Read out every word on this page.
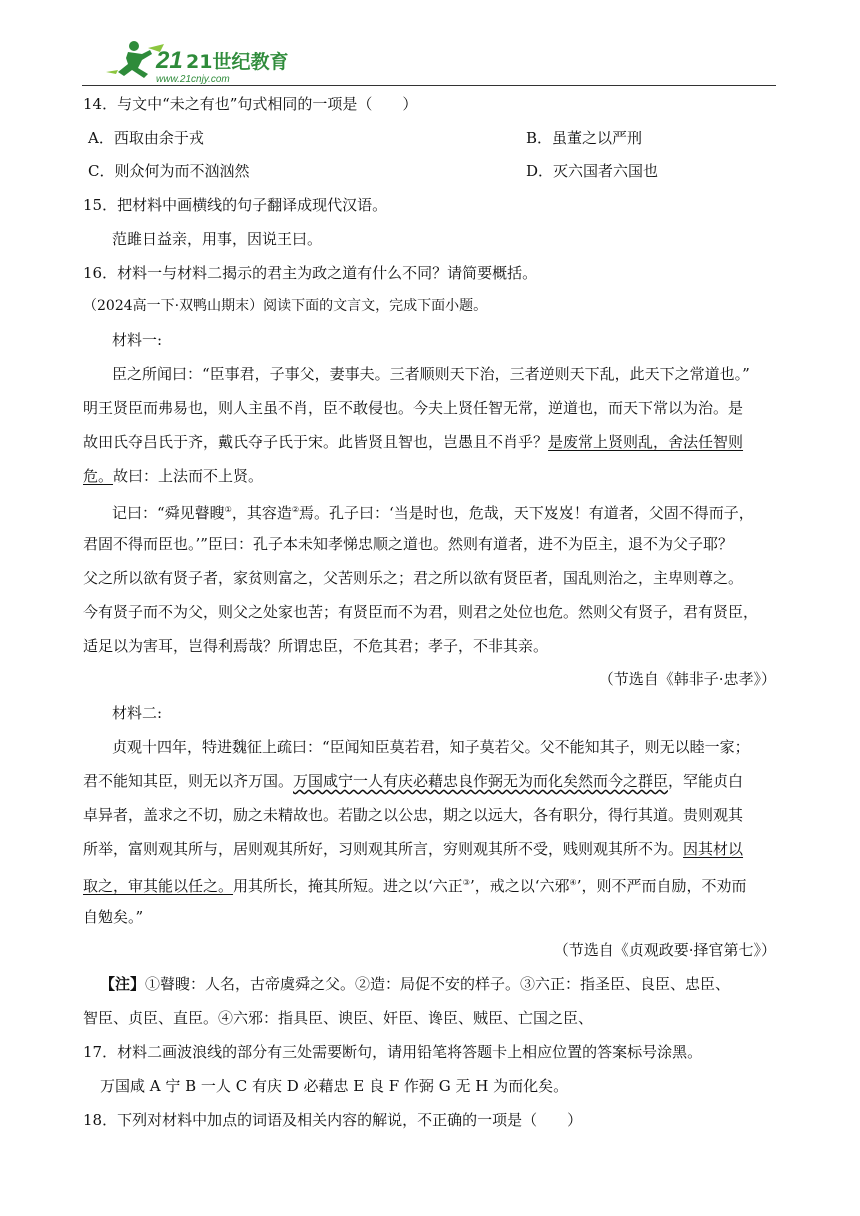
21 21世纪教育
www.21cnjy.com
14．与文中“未之有也”句式相同的一项是（　　）
A．西取由余于戎	B．虽董之以严刑
C．则众何为而不汹汹然	D．灭六国者六国也
15．把材料中画横线的句子翻译成现代汉语。
范雎日益亲，用事，因说王曰。
16．材料一与材料二揭示的君主为政之道有什么不同？请简要概括。
（2024高一下·双鸭山期末）阅读下面的文言文，完成下面小题。
材料一:
臣之所闻曰：“臣事君，子事父，妻事夫。三者顺则天下治，三者逆则天下乱，此天下之常道也。”
明王贤臣而弗易也，则人主虽不肖，臣不敢侵也。今夫上贤任智无常，逆道也，而天下常以为治。是
故田氏夺吕氏于齐，戴氏夺子氏于宋。此皆贤且智也，岂愚且不肖乎？是废常上贤则乱，舍法任智则
危。故曰：上法而不上贤。
记曰：“舜见瞽瞍①，其容造②焉。孔子曰：‘当是时也，危哉，天下岌岌！有道者，父固不得而子，
君固不得而臣也。’”臣曰：孔子本未知孝悌忠顺之道也。然则有道者，进不为臣主，退不为父子耶？
父之所以欲有贤子者，家贫则富之，父苦则乐之；君之所以欲有贤臣者，国乱则治之，主卑则尊之。
今有贤子而不为父，则父之处家也苦；有贤臣而不为君，则君之处位也危。然则父有贤子，君有贤臣，
适足以为害耳，岂得利焉哉？所谓忠臣，不危其君；孝子，不非其亲。
（节选自《韩非子·忠孝》）
材料二:
贞观十四年，特进魏征上疏曰：“臣闻知臣莫若君，知子莫若父。父不能知其子，则无以睦一家；
君不能知其臣，则无以齐万国。万国咸宁一人有庆必藉忠良作弼无为而化矣然而今之群臣，罕能贞白
卓异者，盖求之不切，励之未精故也。若勖之以公忠，期之以远大，各有职分，得行其道。贵则观其
所举，富则观其所与，居则观其所好，习则观其所言，穷则观其所不受，贱则观其所不为。因其材以
取之，审其能以任之。用其所长，掩其所短。进之以‘六正③’，戒之以‘六邪④’，则不严而自励，不劝而
自勉矣。”
（节选自《贞观政要·择官第七》）
【注】①瞽瞍：人名，古帝虞舜之父。②造：局促不安的样子。③六正：指圣臣、良臣、忠臣、
智臣、贞臣、直臣。④六邪：指具臣、谀臣、奸臣、谗臣、贼臣、亡国之臣、
17．材料二画波浪线的部分有三处需要断句，请用铅笔将答题卡上相应位置的答案标号涂黑。
万国咸 A 宁 B 一人 C 有庆 D 必藉忠 E 良 F 作弼 G 无 H 为而化矣。
18．下列对材料中加点的词语及相关内容的解说，不正确的一项是（　　）
